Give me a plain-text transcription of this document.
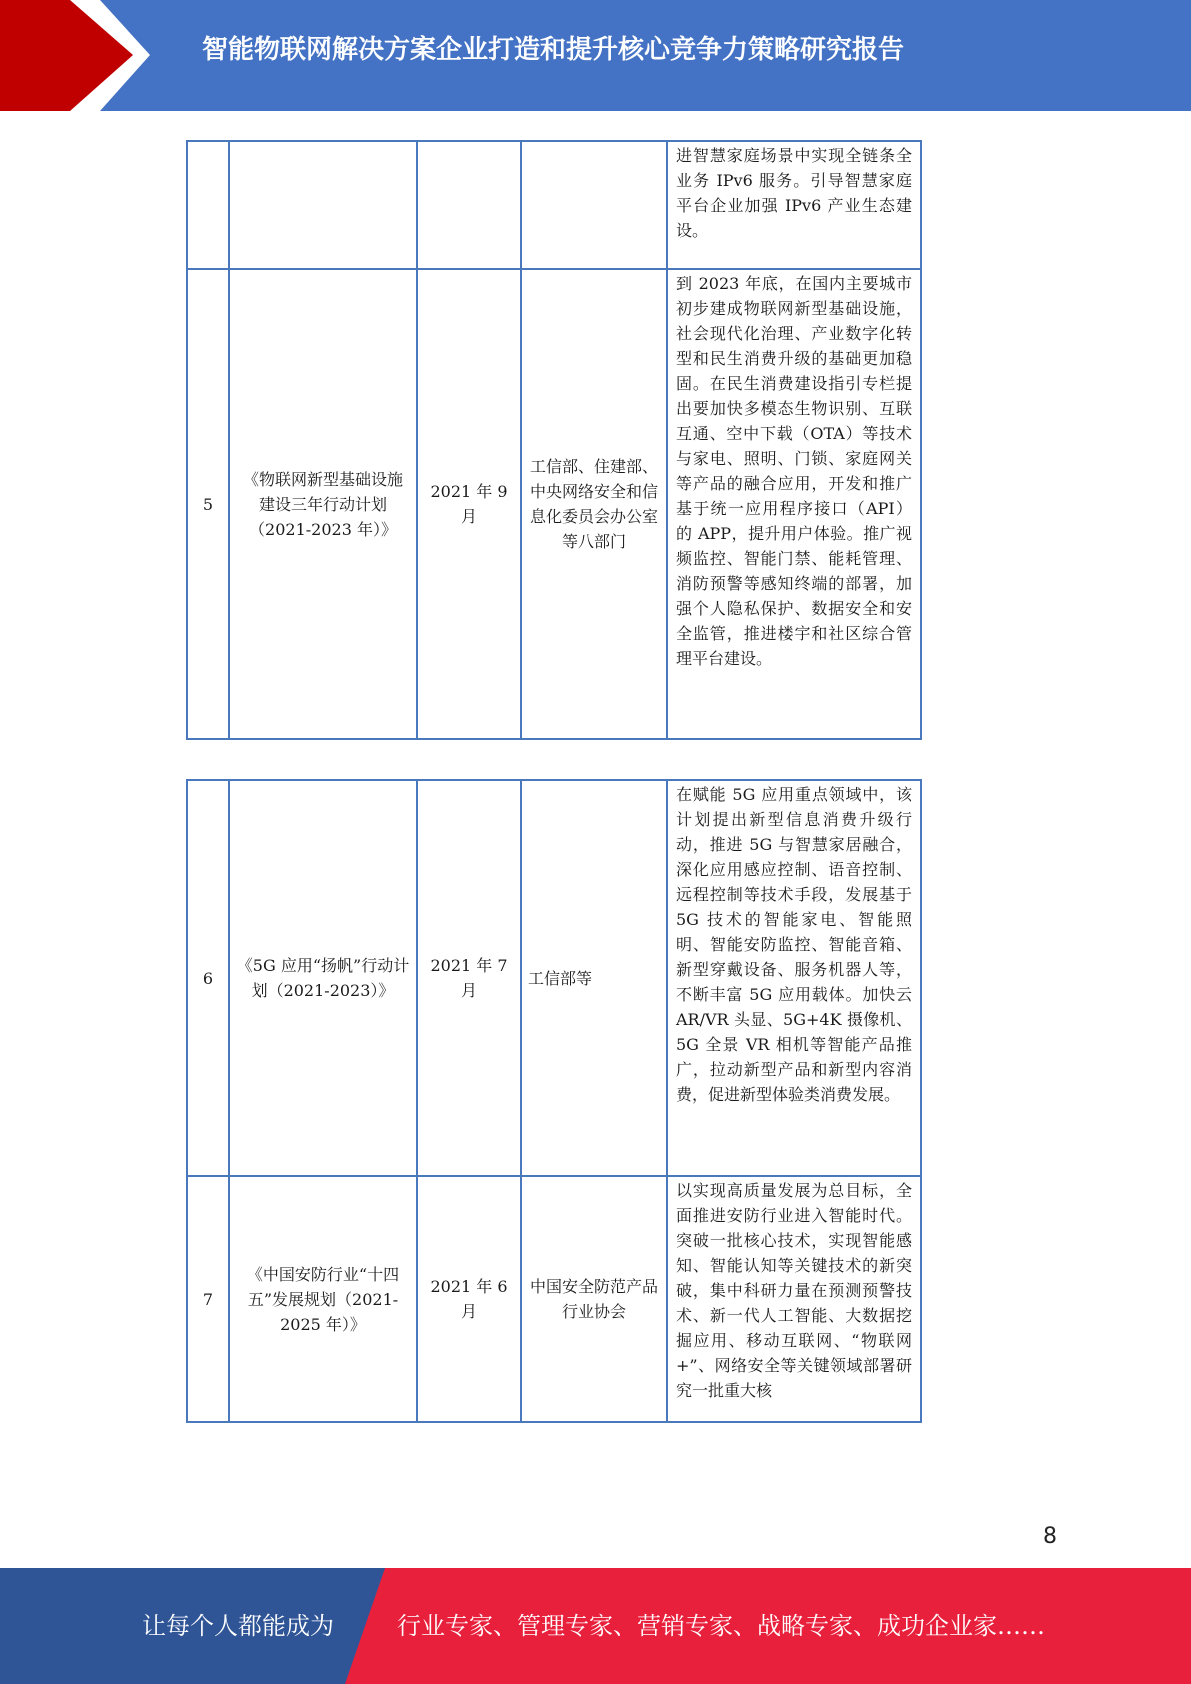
智能物联网解决方案企业打造和提升核心竞争力策略研究报告
				进智慧家庭场景中实现全链条全业务 IPv6 服务。引导智慧家庭平台企业加强 IPv6 产业生态建设。
5	《物联网新型基础设施建设三年行动计划（2021-2023 年）》	2021 年 9 月	工信部、住建部、中央网络安全和信息化委员会办公室等八部门	到 2023 年底，在国内主要城市初步建成物联网新型基础设施，社会现代化治理、产业数字化转型和民生消费升级的基础更加稳固。在民生消费建设指引专栏提出要加快多模态生物识别、互联互通、空中下载（OTA）等技术与家电、照明、门锁、家庭网关等产品的融合应用，开发和推广基于统一应用程序接口（API）的 APP，提升用户体验。推广视频监控、智能门禁、能耗管理、消防预警等感知终端的部署，加强个人隐私保护、数据安全和安全监管，推进楼宇和社区综合管理平台建设。
6	《5G 应用“扬帆”行动计划（2021-2023）》	2021 年 7 月	工信部等	在赋能 5G 应用重点领域中，该计划提出新型信息消费升级行动，推进 5G 与智慧家居融合，深化应用感应控制、语音控制、远程控制等技术手段，发展基于 5G 技术的智能家电、智能照明、智能安防监控、智能音箱、新型穿戴设备、服务机器人等，不断丰富 5G 应用载体。加快云 AR/VR 头显、5G+4K 摄像机、5G 全景 VR 相机等智能产品推广，拉动新型产品和新型内容消费，促进新型体验类消费发展。
7	《中国安防行业“十四五”发展规划（2021-2025 年）》	2021 年 6 月	中国安全防范产品行业协会	以实现高质量发展为总目标，全面推进安防行业进入智能时代。突破一批核心技术，实现智能感知、智能认知等关键技术的新突破，集中科研力量在预测预警技术、新一代人工智能、大数据挖掘应用、移动互联网、“物联网+”、网络安全等关键领域部署研究一批重大核
8
让每个人都能成为	行业专家、管理专家、营销专家、战略专家、成功企业家……
